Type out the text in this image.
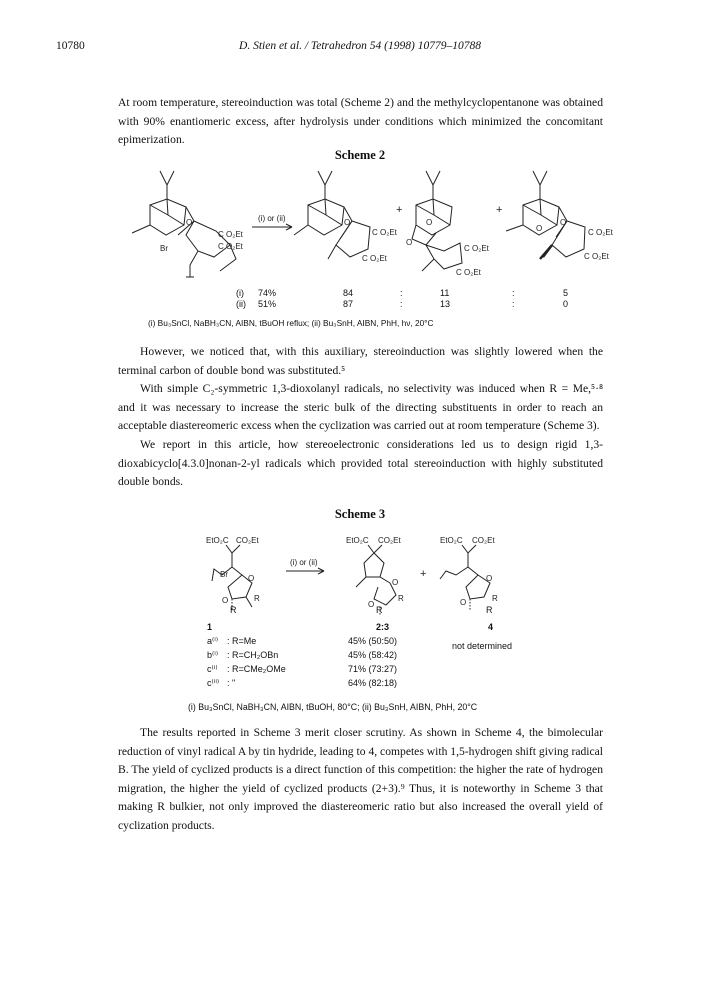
10780	D. Stien et al. / Tetrahedron 54 (1998) 10779–10788

At room temperature, stereoinduction was total (Scheme 2) and the methylcyclopentanone was obtained with 90% enantiomeric excess, after hydrolysis under conditions which minimized the concomitant epimerization.

Scheme 2
O
C O₂Et
C O₂Et
Br
(i) or (ii)	O
C O₂Et
C O₂Et
+
O
O
C O₂Et
C O₂Et
+
O
O	C O₂Et
C O₂Et
(i) 74%	84	:	11	:	5
(ii) 51%	87	:	13	:	0
(i) Bu₃SnCl, NaBH₃CN, AIBN, tBuOH reflux; (ii) Bu₃SnH, AIBN, PhH, hν, 20°C

However, we noticed that, with this auxiliary, stereoinduction was slightly lowered when the terminal carbon of double bond was substituted.⁵

With simple C₂-symmetric 1,3-dioxolanyl radicals, no selectivity was induced when R = Me,⁵·⁸ and it was necessary to increase the steric bulk of the directing substituents in order to reach an acceptable diastereomeric excess when the cyclization was carried out at room temperature (Scheme 3).

We report in this article, how stereoelectronic considerations led us to design rigid 1,3-dioxabicyclo[4.3.0]nonan-2-yl radicals which provided total stereoinduction with highly substituted double bonds.

Scheme 3
EtO₂C CO₂Et
Br	O
O	R
(i) or (ii)
EtO₂C CO₂Et
O
O
R
+
EtO₂C CO₂Et
O
O	R
R	R	R
1	2:3	4
a⁽ⁱ⁾ : R=Me	45% (50:50)
b⁽ⁱ⁾ : R=CH₂OBn	45% (58:42)
c⁽ⁱ⁾ : R=CMe₂OMe	71% (73:27)
c⁽ⁱⁱ⁾ : "	64% (82:18)
not determined
(i) Bu₃SnCl, NaBH₃CN, AIBN, tBuOH, 80°C; (ii) Bu₃SnH, AIBN, PhH, 20°C

The results reported in Scheme 3 merit closer scrutiny. As shown in Scheme 4, the bimolecular reduction of vinyl radical A by tin hydride, leading to 4, competes with 1,5-hydrogen shift giving radical B. The yield of cyclized products is a direct function of this competition: the higher the rate of hydrogen migration, the higher the yield of cyclized products (2+3).⁹ Thus, it is noteworthy in Scheme 3 that making R bulkier, not only improved the diastereomeric ratio but also increased the overall yield of cyclization products.
